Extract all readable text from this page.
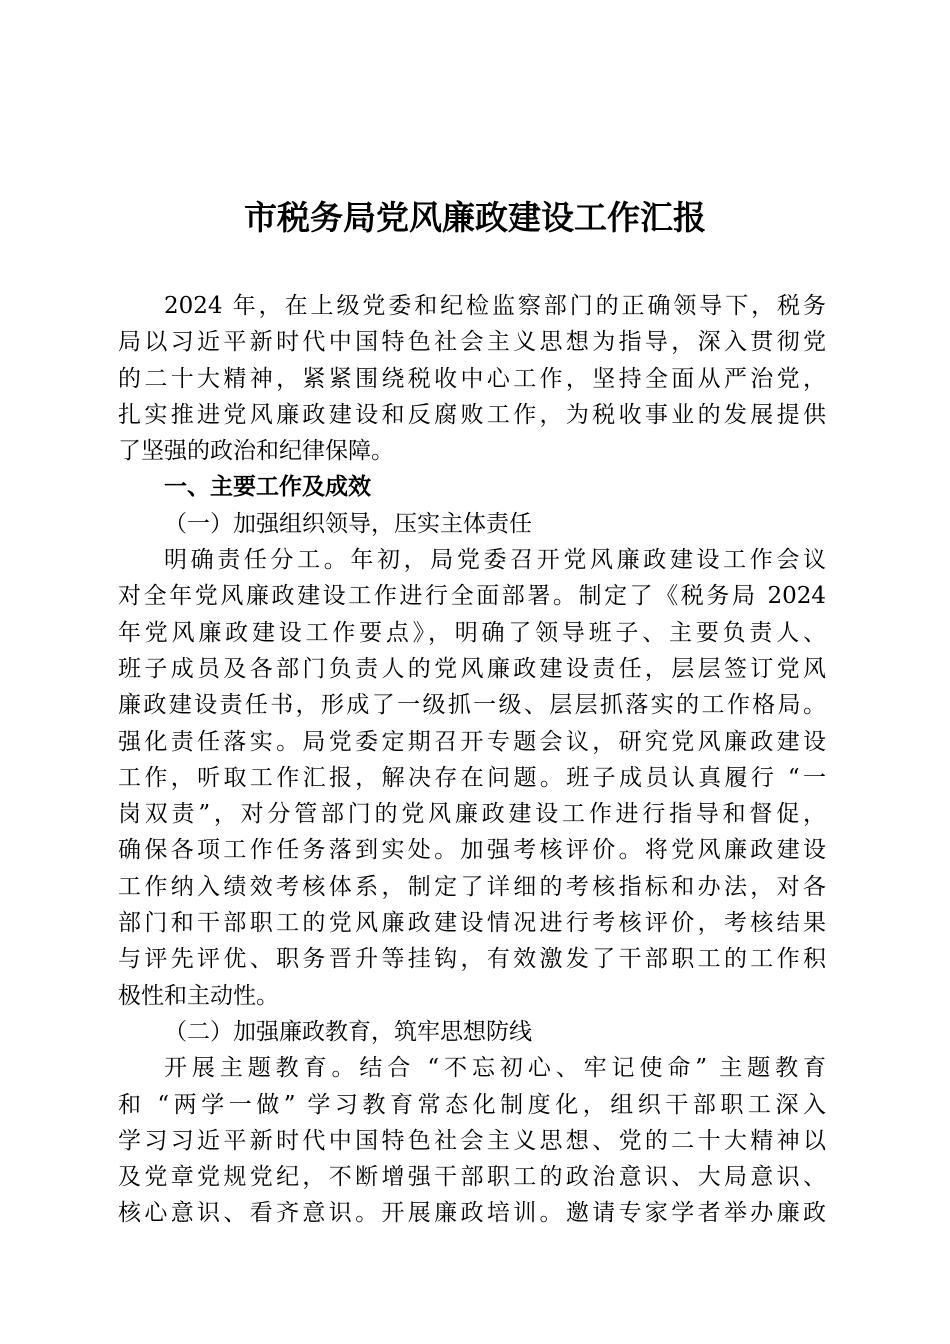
市税务局党风廉政建设工作汇报
2024 年，在上级党委和纪检监察部门的正确领导下，税务
局以习近平新时代中国特色社会主义思想为指导，深入贯彻党
的二十大精神，紧紧围绕税收中心工作，坚持全面从严治党，
扎实推进党风廉政建设和反腐败工作，为税收事业的发展提供
了坚强的政治和纪律保障。
一、主要工作及成效
（一）加强组织领导，压实主体责任
明确责任分工。年初，局党委召开党风廉政建设工作会议
对全年党风廉政建设工作进行全面部署。制定了《税务局 2024
年党风廉政建设工作要点》，明确了领导班子、主要负责人、
班子成员及各部门负责人的党风廉政建设责任，层层签订党风
廉政建设责任书，形成了一级抓一级、层层抓落实的工作格局。
强化责任落实。局党委定期召开专题会议，研究党风廉政建设
工作，听取工作汇报，解决存在问题。班子成员认真履行 “一
岗双责”，对分管部门的党风廉政建设工作进行指导和督促，
确保各项工作任务落到实处。加强考核评价。将党风廉政建设
工作纳入绩效考核体系，制定了详细的考核指标和办法，对各
部门和干部职工的党风廉政建设情况进行考核评价，考核结果
与评先评优、职务晋升等挂钩，有效激发了干部职工的工作积
极性和主动性。
（二）加强廉政教育，筑牢思想防线
开展主题教育。结合 “不忘初心、牢记使命” 主题教育
和 “两学一做” 学习教育常态化制度化，组织干部职工深入
学习习近平新时代中国特色社会主义思想、党的二十大精神以
及党章党规党纪，不断增强干部职工的政治意识、大局意识、
核心意识、看齐意识。开展廉政培训。邀请专家学者举办廉政
